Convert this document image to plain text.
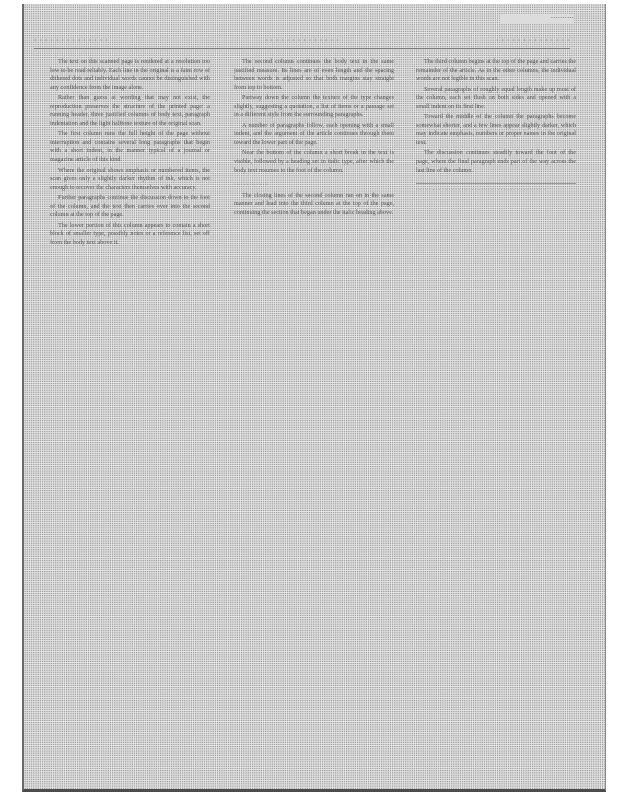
··········
· · · · · · · · · · · · · ·	· · · · · · · · · · · · · ·	· · · · · · · · · · · · · ·

The text on this scanned page is rendered at a resolution too low to be read reliably. Each line in the original is a faint row of dithered dots and individual words cannot be distinguished with any confidence from the image alone.

Rather than guess at wording that may not exist, the reproduction preserves the structure of the printed page: a running header, three justified columns of body text, paragraph indentation and the light halftone texture of the original scan.

The first column runs the full height of the page without interruption and contains several long paragraphs that begin with a short indent, in the manner typical of a journal or magazine article of this kind.

Where the original shows emphasis or numbered items, the scan gives only a slightly darker rhythm of ink, which is not enough to recover the characters themselves with accuracy.

Further paragraphs continue the discussion down to the foot of the column, and the text then carries over into the second column at the top of the page.

The lower portion of this column appears to contain a short block of smaller type, possibly notes or a reference list, set off from the body text above it.

The second column continues the body text in the same justified measure. Its lines are of even length and the spacing between words is adjusted so that both margins stay straight from top to bottom.

Partway down the column the texture of the type changes slightly, suggesting a quotation, a list of items or a passage set in a different style from the surrounding paragraphs.

A number of paragraphs follow, each opening with a small indent, and the argument of the article continues through them toward the lower part of the page.

Near the bottom of the column a short break in the text is visible, followed by a heading set in italic type, after which the body text resumes to the foot of the column.

· · · · · · · · · · ·

The closing lines of the second column run on in the same manner and lead into the third column at the top of the page, continuing the section that began under the italic heading above.

The third column begins at the top of the page and carries the remainder of the article. As in the other columns, the individual words are not legible in this scan.

Several paragraphs of roughly equal length make up most of the column, each set flush on both sides and opened with a small indent on its first line.

Toward the middle of the column the paragraphs become somewhat shorter, and a few lines appear slightly darker, which may indicate emphasis, numbers or proper names in the original text.

The discussion continues steadily toward the foot of the page, where the final paragraph ends part of the way across the last line of the column.

· · · · · · · · · · · · · · · · · · · · · · · · · · · · · · · · · · · · · · · ·
